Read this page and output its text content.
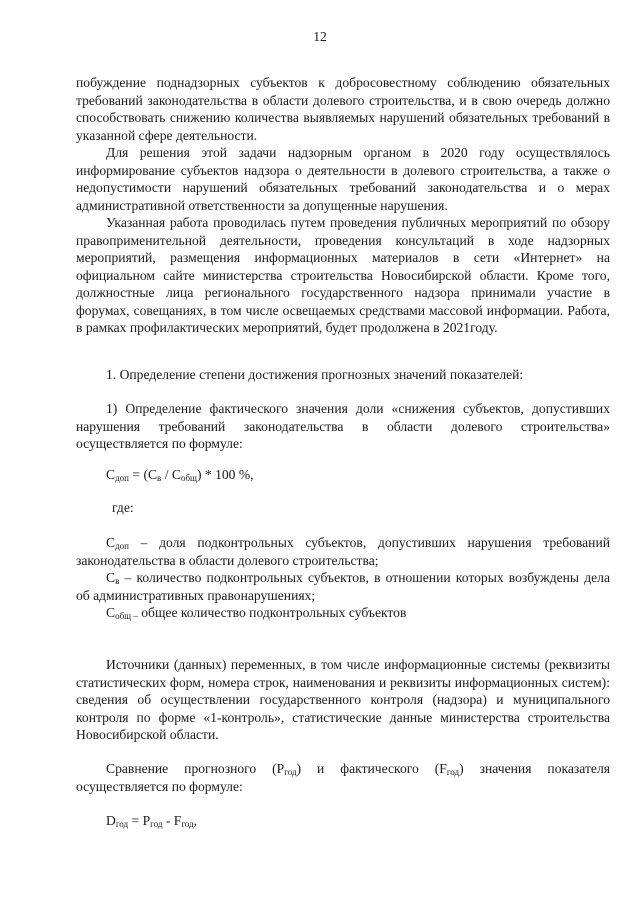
12

побуждение поднадзорных субъектов к добросовестному соблюдению обязательных требований законодательства в области долевого строительства, и в свою очередь должно способствовать снижению количества выявляемых нарушений обязательных требований в указанной сфере деятельности.

Для решения этой задачи надзорным органом в 2020 году осуществлялось информирование субъектов надзора о деятельности в долевого строительства, а также о недопустимости нарушений обязательных требований законодательства и о мерах административной ответственности за допущенные нарушения.

Указанная работа проводилась путем проведения публичных мероприятий по обзору правоприменительной деятельности, проведения консультаций в ходе надзорных мероприятий, размещения информационных материалов в сети «Интернет» на официальном сайте министерства строительства Новосибирской области. Кроме того, должностные лица регионального государственного надзора принимали участие в форумах, совещаниях, в том числе освещаемых средствами массовой информации. Работа, в рамках профилактических мероприятий, будет продолжена в 2021году.

1. Определение степени достижения прогнозных значений показателей:

1) Определение фактического значения доли «снижения субъектов, допустивших нарушения требований законодательства в области долевого строительства» осуществляется по формуле:

$С_{доп} = (С_в / С_{общ}) * 100$ %,
где:

$С_{доп}$ – доля подконтрольных субъектов, допустивших нарушения требований законодательства в области долевого строительства;

$С_в$ – количество подконтрольных субъектов, в отношении которых возбуждены дела об административных правонарушениях;

$С_{общ -}$ общее количество подконтрольных субъектов

Источники (данных) переменных, в том числе информационные системы (реквизиты статистических форм, номера строк, наименования и реквизиты информационных систем): сведения об осуществлении государственного контроля (надзора) и муниципального контроля по форме «1-контроль», статистические данные министерства строительства Новосибирской области.

Сравнение прогнозного $(P_{год})$ и фактического $(F_{год})$ значения показателя осуществляется по формуле:

$D_{год} = P_{год} - F_{год}$,
